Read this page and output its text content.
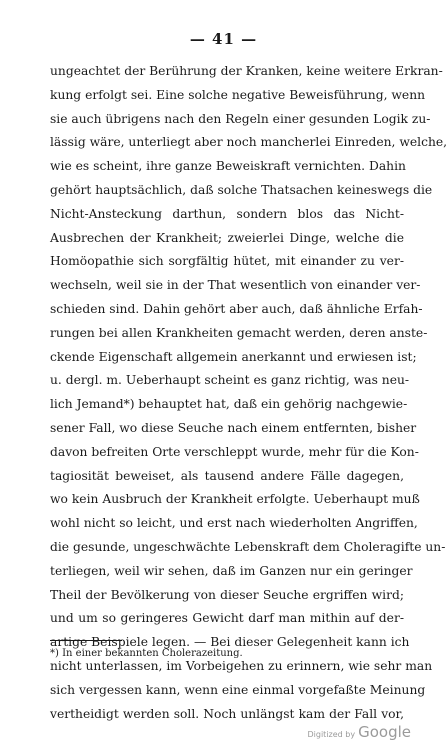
— 41 —
ungeachtet der Berührung der Kranken, keine weitere Erkran-
kung erfolgt sei. Eine solche negative Beweisführung, wenn
sie auch übrigens nach den Regeln einer gesunden Logik zu-
lässig wäre, unterliegt aber noch mancherlei Einreden, welche,
wie es scheint, ihre ganze Beweiskraft vernichten. Dahin
gehört hauptsächlich, daß solche Thatsachen keineswegs die
Nicht-Ansteckung darthun, sondern blos das Nicht-
Ausbrechen der Krankheit; zweierlei Dinge, welche die
Homöopathie sich sorgfältig hütet, mit einander zu ver-
wechseln, weil sie in der That wesentlich von einander ver-
schieden sind. Dahin gehört aber auch, daß ähnliche Erfah-
rungen bei allen Krankheiten gemacht werden, deren anste-
ckende Eigenschaft allgemein anerkannt und erwiesen ist;
u. dergl. m. Ueberhaupt scheint es ganz richtig, was neu-
lich Jemand*) behauptet hat, daß ein gehörig nachgewie-
sener Fall, wo diese Seuche nach einem entfernten, bisher
davon befreiten Orte verschleppt wurde, mehr für die Kon-
tagiosität beweiset, als tausend andere Fälle dagegen,
wo kein Ausbruch der Krankheit erfolgte. Ueberhaupt muß
wohl nicht so leicht, und erst nach wiederholten Angriffen,
die gesunde, ungeschwächte Lebenskraft dem Choleragifte un-
terliegen, weil wir sehen, daß im Ganzen nur ein geringer
Theil der Bevölkerung von dieser Seuche ergriffen wird;
und um so geringeres Gewicht darf man mithin auf der-
artige Beispiele legen. — Bei dieser Gelegenheit kann ich
nicht unterlassen, im Vorbeigehen zu erinnern, wie sehr man
sich vergessen kann, wenn eine einmal vorgefaßte Meinung
vertheidigt werden soll. Noch unlängst kam der Fall vor,
*) In einer bekannten Cholerazeitung.
Digitized by Google
